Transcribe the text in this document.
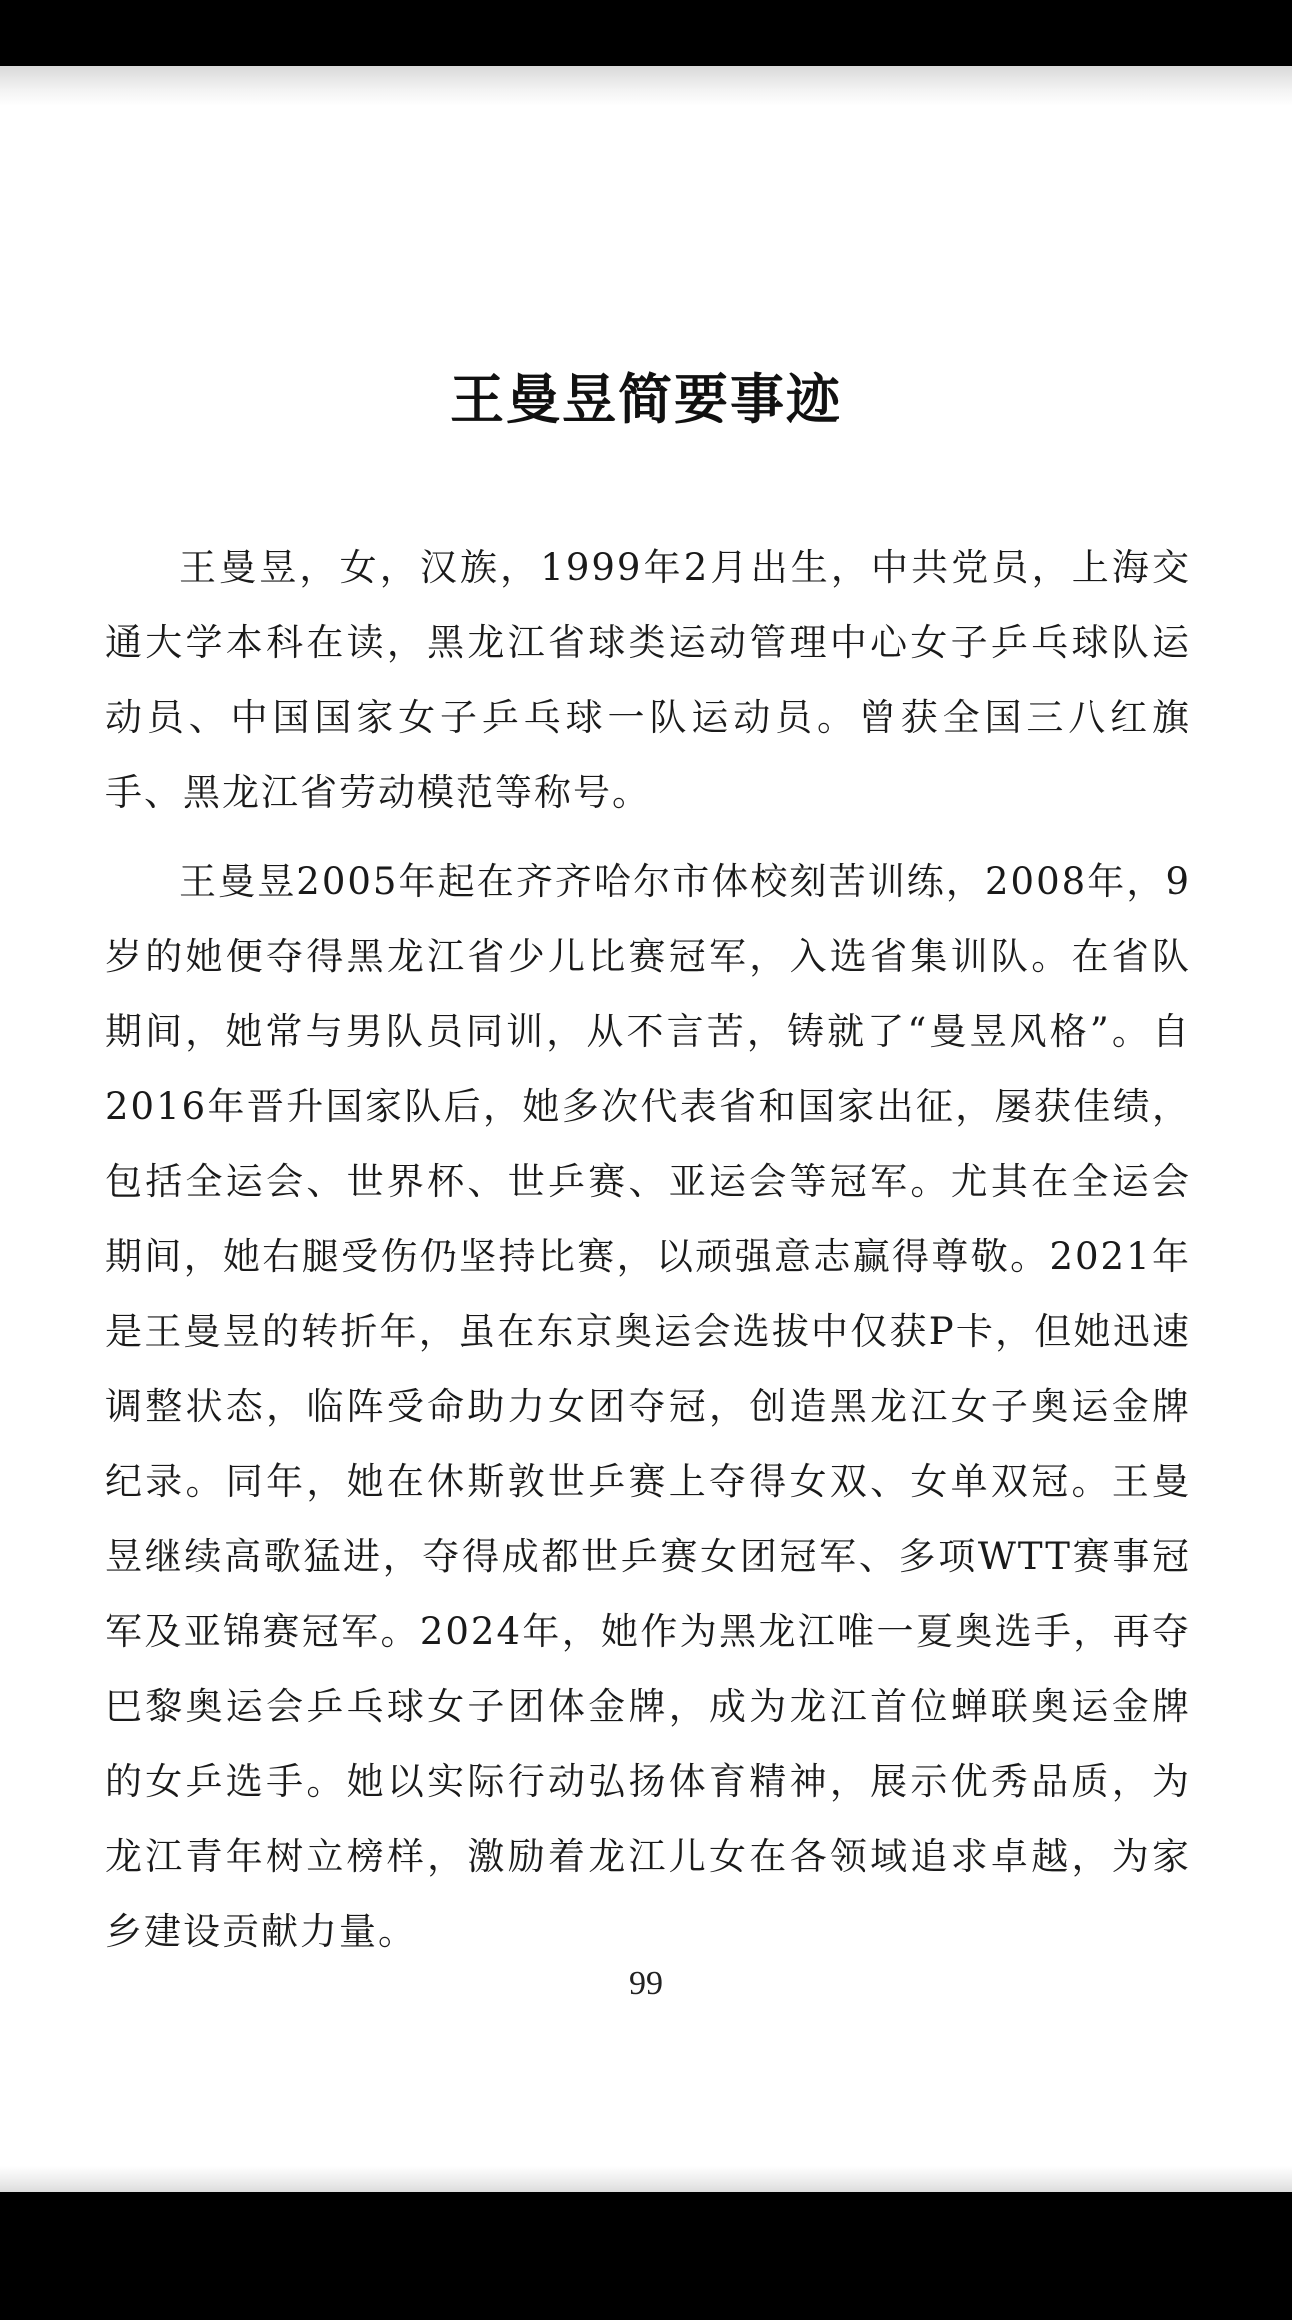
王曼昱简要事迹

王曼昱，女，汉族，1999年2月出生，中共党员，上海交通大学本科在读，黑龙江省球类运动管理中心女子乒乓球队运动员、中国国家女子乒乓球一队运动员。曾获全国三八红旗手、黑龙江省劳动模范等称号。

王曼昱2005年起在齐齐哈尔市体校刻苦训练，2008年，9岁的她便夺得黑龙江省少儿比赛冠军，入选省集训队。在省队期间，她常与男队员同训，从不言苦，铸就了“曼昱风格”。自2016年晋升国家队后，她多次代表省和国家出征，屡获佳绩，包括全运会、世界杯、世乒赛、亚运会等冠军。尤其在全运会期间，她右腿受伤仍坚持比赛，以顽强意志赢得尊敬。2021年是王曼昱的转折年，虽在东京奥运会选拔中仅获P卡，但她迅速调整状态，临阵受命助力女团夺冠，创造黑龙江女子奥运金牌纪录。同年，她在休斯敦世乒赛上夺得女双、女单双冠。王曼昱继续高歌猛进，夺得成都世乒赛女团冠军、多项WTT赛事冠军及亚锦赛冠军。2024年，她作为黑龙江唯一夏奥选手，再夺巴黎奥运会乒乓球女子团体金牌，成为龙江首位蝉联奥运金牌的女乒选手。她以实际行动弘扬体育精神，展示优秀品质，为龙江青年树立榜样，激励着龙江儿女在各领域追求卓越，为家乡建设贡献力量。

99
